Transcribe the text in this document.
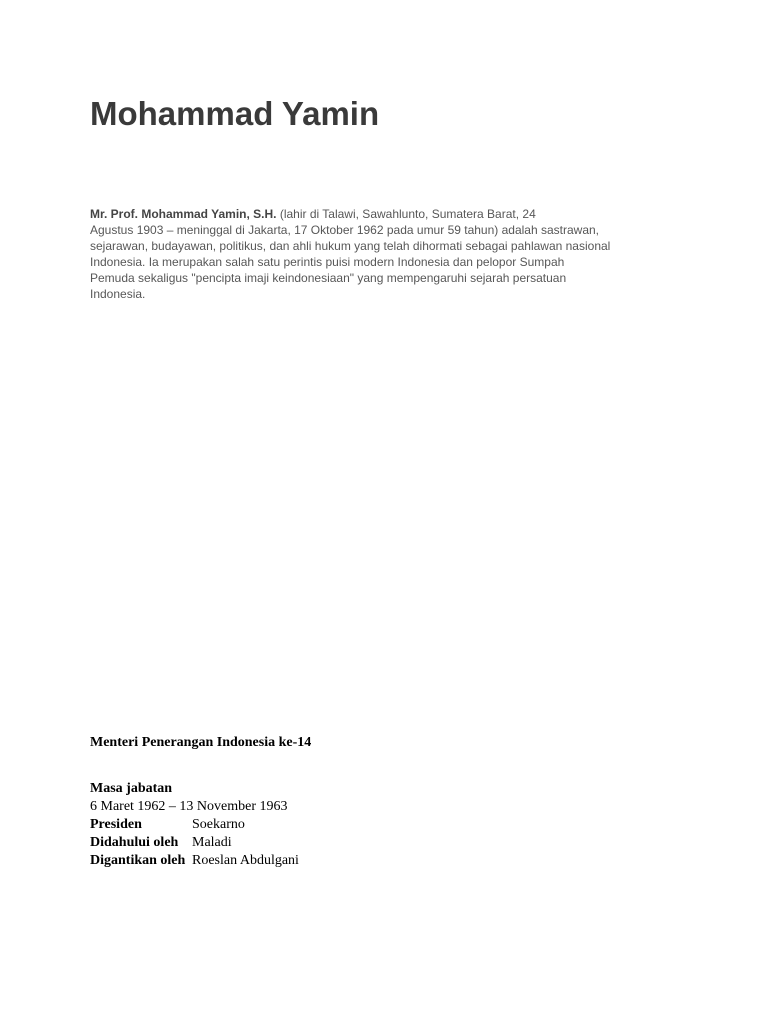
Mohammad Yamin

Mr. Prof. Mohammad Yamin, S.H. (lahir di Talawi, Sawahlunto, Sumatera Barat, 24
Agustus 1903 – meninggal di Jakarta, 17 Oktober 1962 pada umur 59 tahun) adalah sastrawan,
sejarawan, budayawan, politikus, dan ahli hukum yang telah dihormati sebagai pahlawan nasional
Indonesia. Ia merupakan salah satu perintis puisi modern Indonesia dan pelopor Sumpah
Pemuda sekaligus "pencipta imaji keindonesiaan" yang mempengaruhi sejarah persatuan
Indonesia.

Menteri Penerangan Indonesia ke-14

Masa jabatan
6 Maret 1962 – 13 November 1963
Presiden	Soekarno
Didahului oleh Maladi
Digantikan oleh Roeslan Abdulgani
